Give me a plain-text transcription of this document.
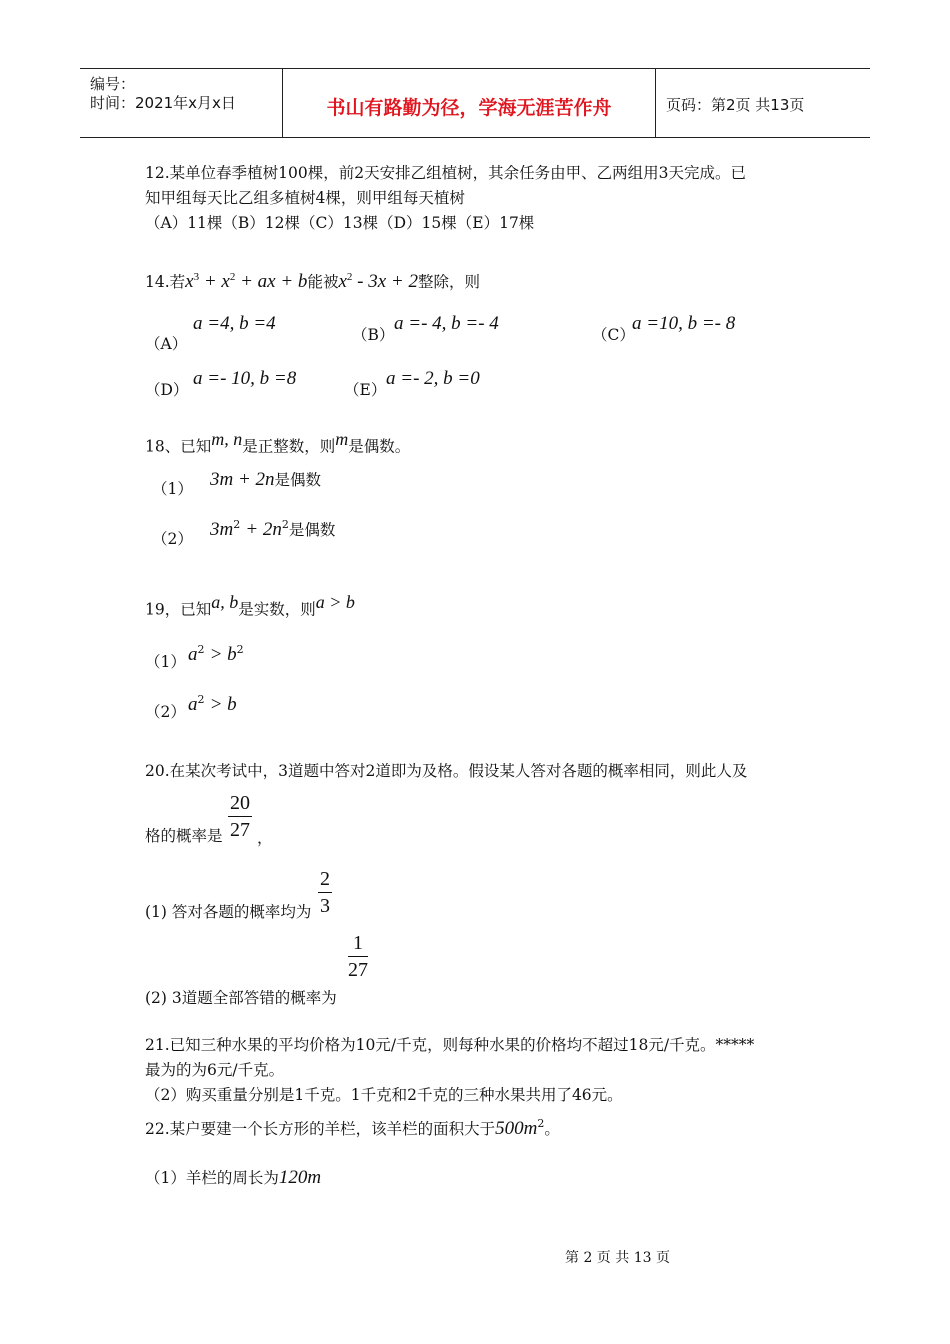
编号：
时间：2021年x月x日	书山有路勤为径，学海无涯苦作舟	页码：第2页 共13页
12.某单位春季植树100棵，前2天安排乙组植树，其余任务由甲、乙两组用3天完成。已
知甲组每天比乙组多植树4棵，则甲组每天植树
（A）11棵（B）12棵（C）13棵（D）15棵（E）17棵
14.若$x^3 + x^2$ + ax + b能被$x^2 - 3x + 2$整除，则
（A）
a =4, b =4
（B）
a =- 4, b =- 4
（C）
a =10, b =- 8
（D）
a =- 10, b =8
（E）
a =- 2, b =0
18、已知$^{m, n}$是正整数，则$^m$是偶数。
（1） 3m + 2n是偶数
（2） $3m^2 + 2n^2$是偶数
19，已知$^{a, b}$是实数，则$^{a > b}$
（1） $a^2 > b^2$
（2） $a^2 > b$
20.在某次考试中，3道题中答对2道即为及格。假设某人答对各题的概率相同，则此人及
格的概率是 $\frac{20}{27}$ ，
(1) 答对各题的概率均为 $\frac{2}{3}$
$\frac{1}{27}$
(2) 3道题全部答错的概率为
21.已知三种水果的平均价格为10元/千克，则每种水果的价格均不超过18元/千克。*****
最为的为6元/千克。
（2）购买重量分别是1千克。1千克和2千克的三种水果共用了46元。
22.某户要建一个长方形的羊栏，该羊栏的面积大于$500m^2$。
（1）羊栏的周长为120m
第 2 页 共 13 页
